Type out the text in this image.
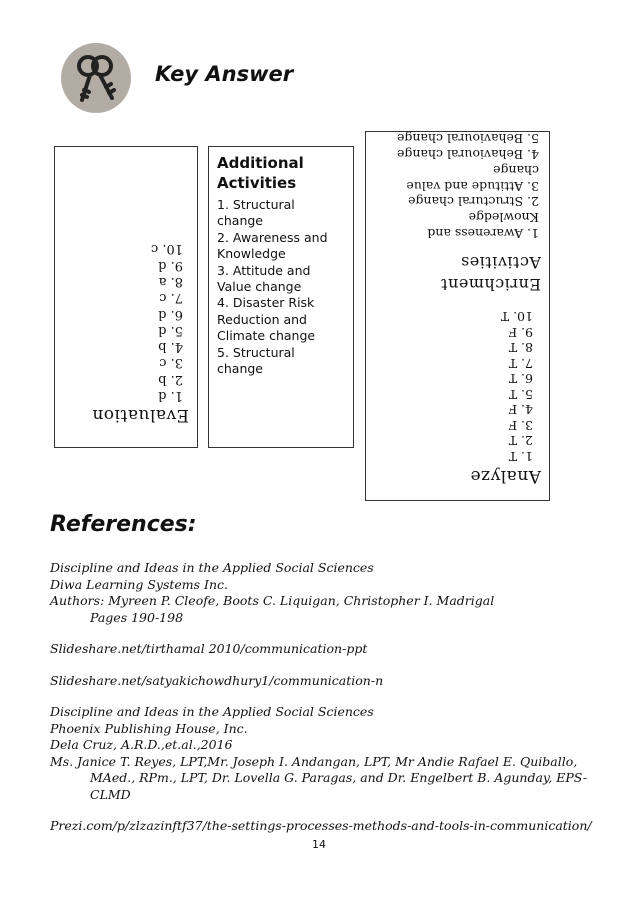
Key Answer
Evaluation
1. d
2. b
3. c
4. b
5. d
6. d
7. c
8. a
9. d
10. c
Additional
Activities
1. Structural
change
2. Awareness and
Knowledge
3. Attitude and
Value change
4. Disaster Risk
Reduction and
Climate change
5. Structural
change
Analyze
1. T
2. T
3. F
4. F
5. T
6. T
7. T
8. T
9. F
10. T
Enrichment
Activities
1. Awareness and
Knowledge
2. Structural change
3. Attitude and value
change
4. Behavioural change
5. Behavioural change
References:
Discipline and Ideas in the Applied Social Sciences
Diwa Learning Systems Inc.
Authors: Myreen P. Cleofe, Boots C. Liquigan, Christopher I. Madrigal
Pages 190-198
Slideshare.net/tirthamal 2010/communication-ppt
Slideshare.net/satyakichowdhury1/communication-n
Discipline and Ideas in the Applied Social Sciences
Phoenix Publishing House, Inc.
Dela Cruz, A.R.D.,et.al.,2016
Ms. Janice T. Reyes, LPT,Mr. Joseph I. Andangan, LPT, Mr Andie Rafael E. Quiballo,
MAed., RPm., LPT, Dr. Lovella G. Paragas, and Dr. Engelbert B. Agunday, EPS-
CLMD
Prezi.com/p/zlzazinftf37/the-settings-processes-methods-and-tools-in-communication/
14
